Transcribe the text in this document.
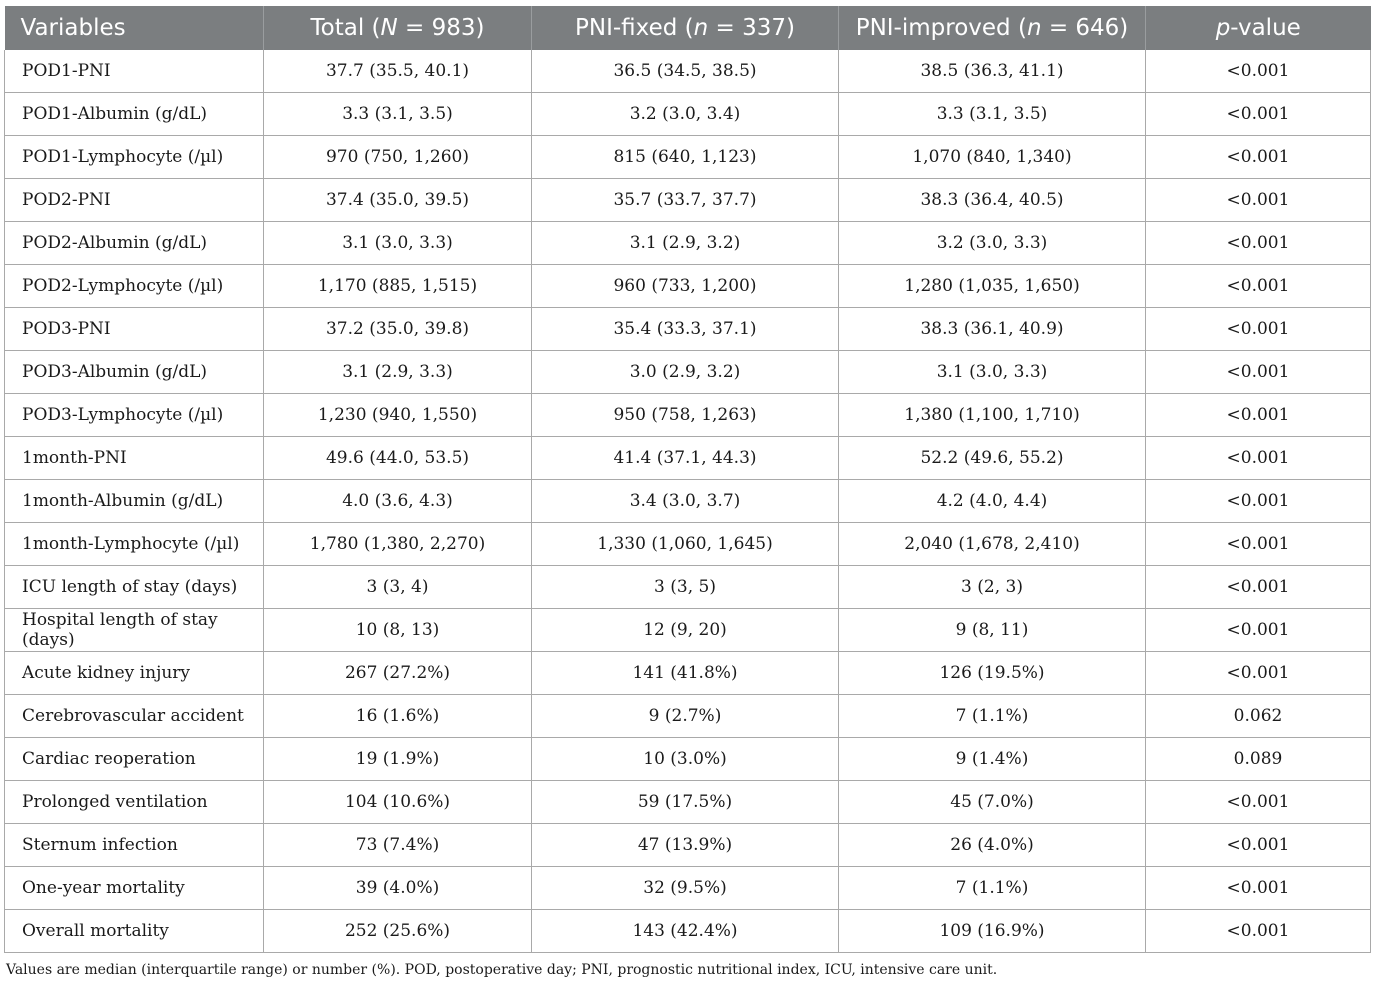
Variables	Total (N = 983)	PNI-fixed (n = 337)	PNI-improved (n = 646)	p-value
POD1-PNI	37.7 (35.5, 40.1)	36.5 (34.5, 38.5)	38.5 (36.3, 41.1)	<0.001
POD1-Albumin (g/dL)	3.3 (3.1, 3.5)	3.2 (3.0, 3.4)	3.3 (3.1, 3.5)	<0.001
POD1-Lymphocyte (/µl)	970 (750, 1,260)	815 (640, 1,123)	1,070 (840, 1,340)	<0.001
POD2-PNI	37.4 (35.0, 39.5)	35.7 (33.7, 37.7)	38.3 (36.4, 40.5)	<0.001
POD2-Albumin (g/dL)	3.1 (3.0, 3.3)	3.1 (2.9, 3.2)	3.2 (3.0, 3.3)	<0.001
POD2-Lymphocyte (/µl)	1,170 (885, 1,515)	960 (733, 1,200)	1,280 (1,035, 1,650)	<0.001
POD3-PNI	37.2 (35.0, 39.8)	35.4 (33.3, 37.1)	38.3 (36.1, 40.9)	<0.001
POD3-Albumin (g/dL)	3.1 (2.9, 3.3)	3.0 (2.9, 3.2)	3.1 (3.0, 3.3)	<0.001
POD3-Lymphocyte (/µl)	1,230 (940, 1,550)	950 (758, 1,263)	1,380 (1,100, 1,710)	<0.001
1month-PNI	49.6 (44.0, 53.5)	41.4 (37.1, 44.3)	52.2 (49.6, 55.2)	<0.001
1month-Albumin (g/dL)	4.0 (3.6, 4.3)	3.4 (3.0, 3.7)	4.2 (4.0, 4.4)	<0.001
1month-Lymphocyte (/µl)	1,780 (1,380, 2,270)	1,330 (1,060, 1,645)	2,040 (1,678, 2,410)	<0.001
ICU length of stay (days)	3 (3, 4)	3 (3, 5)	3 (2, 3)	<0.001
Hospital length of stay (days)	10 (8, 13)	12 (9, 20)	9 (8, 11)	<0.001
Acute kidney injury	267 (27.2%)	141 (41.8%)	126 (19.5%)	<0.001
Cerebrovascular accident	16 (1.6%)	9 (2.7%)	7 (1.1%)	0.062
Cardiac reoperation	19 (1.9%)	10 (3.0%)	9 (1.4%)	0.089
Prolonged ventilation	104 (10.6%)	59 (17.5%)	45 (7.0%)	<0.001
Sternum infection	73 (7.4%)	47 (13.9%)	26 (4.0%)	<0.001
One-year mortality	39 (4.0%)	32 (9.5%)	7 (1.1%)	<0.001
Overall mortality	252 (25.6%)	143 (42.4%)	109 (16.9%)	<0.001
Values are median (interquartile range) or number (%). POD, postoperative day; PNI, prognostic nutritional index, ICU, intensive care unit.
